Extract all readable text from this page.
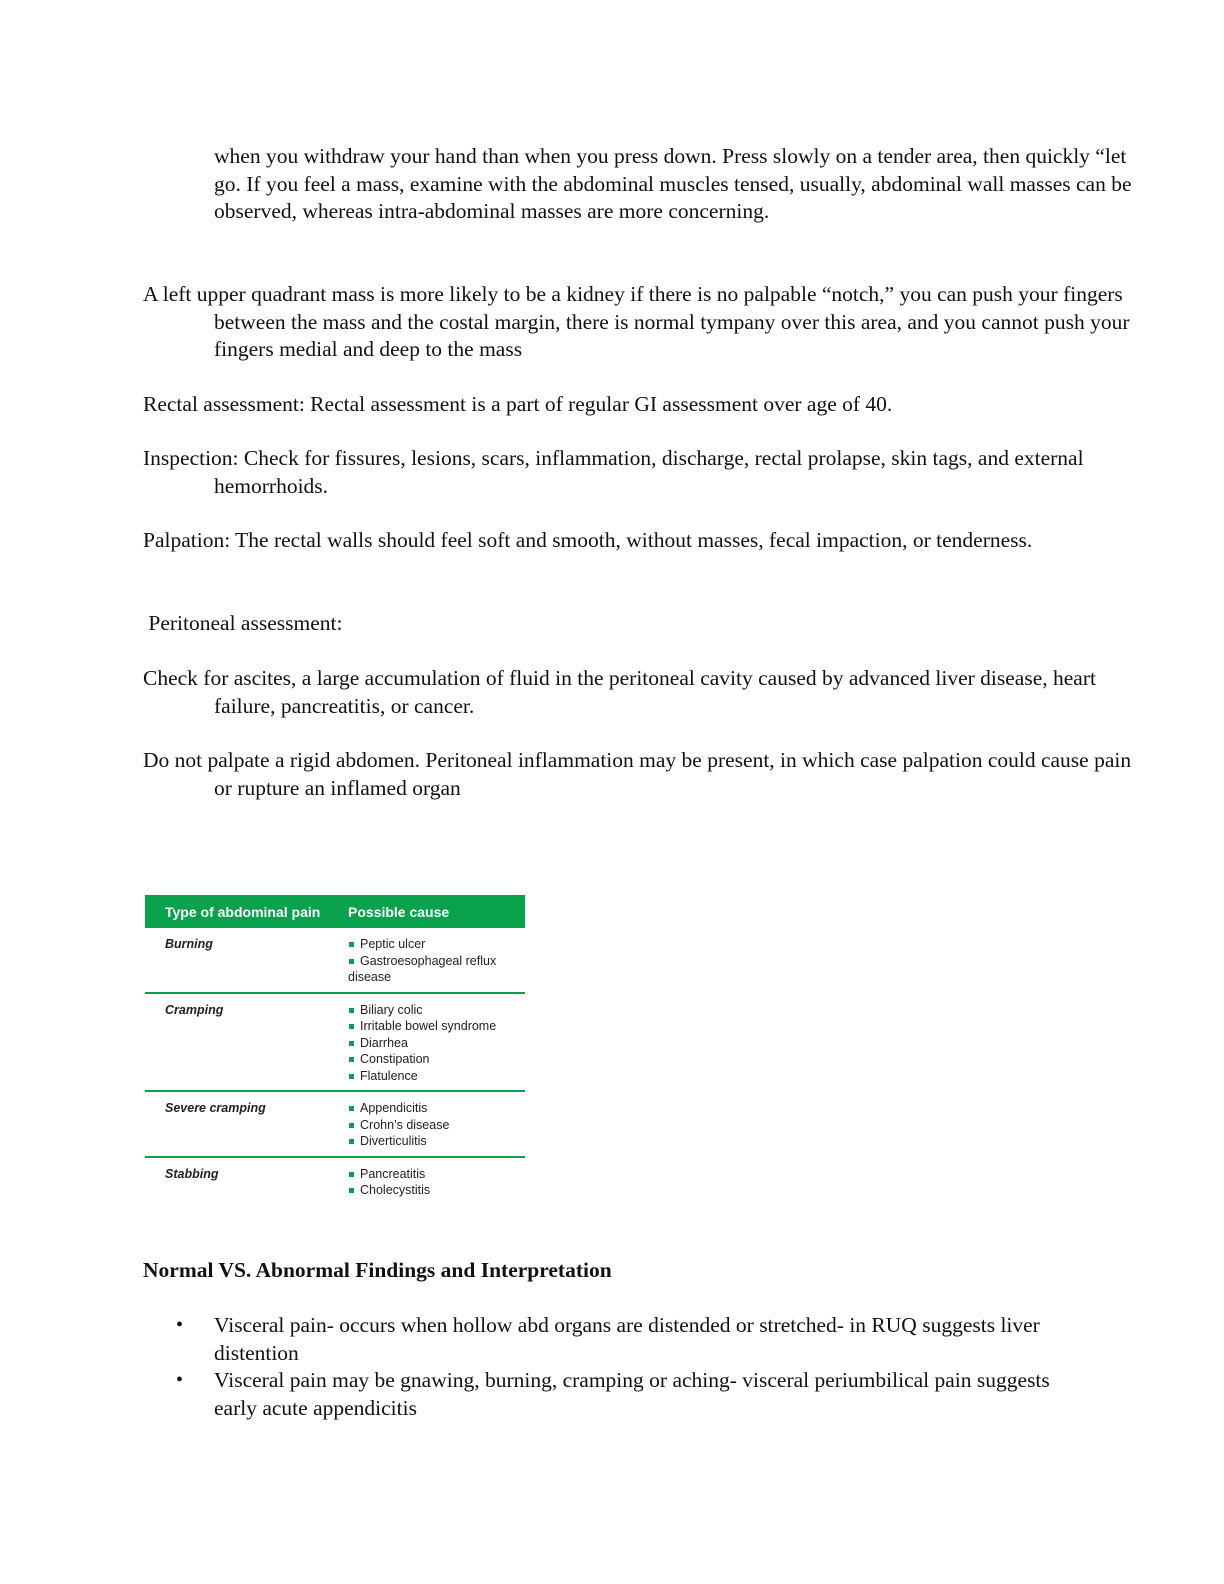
when you withdraw your hand than when you press down. Press slowly on a tender area, then quickly “let go. If you feel a mass, examine with the abdominal muscles tensed, usually, abdominal wall masses can be observed, whereas intra-abdominal masses are more concerning.

A left upper quadrant mass is more likely to be a kidney if there is no palpable “notch,” you can push your fingers between the mass and the costal margin, there is normal tympany over this area, and you cannot push your fingers medial and deep to the mass

Rectal assessment: Rectal assessment is a part of regular GI assessment over age of 40.

Inspection: Check for fissures, lesions, scars, inflammation, discharge, rectal prolapse, skin tags, and external hemorrhoids.

Palpation: The rectal walls should feel soft and smooth, without masses, fecal impaction, or tenderness.

Peritoneal assessment:

Check for ascites, a large accumulation of fluid in the peritoneal cavity caused by advanced liver disease, heart failure, pancreatitis, or cancer.

Do not palpate a rigid abdomen. Peritoneal inflammation may be present, in which case palpation could cause pain or rupture an inflamed organ

Type of abdominal pain	Possible cause
Burning	Peptic ulcer
Gastroesophageal reflux
disease
Cramping	Biliary colic
Irritable bowel syndrome
Diarrhea
Constipation
Flatulence
Severe cramping	Appendicitis
Crohn’s disease
Diverticulitis
Stabbing	Pancreatitis
Cholecystitis

Normal VS. Abnormal Findings and Interpretation

• Visceral pain- occurs when hollow abd organs are distended or stretched- in RUQ suggests liver distention
• Visceral pain may be gnawing, burning, cramping or aching- visceral periumbilical pain suggests early acute appendicitis
